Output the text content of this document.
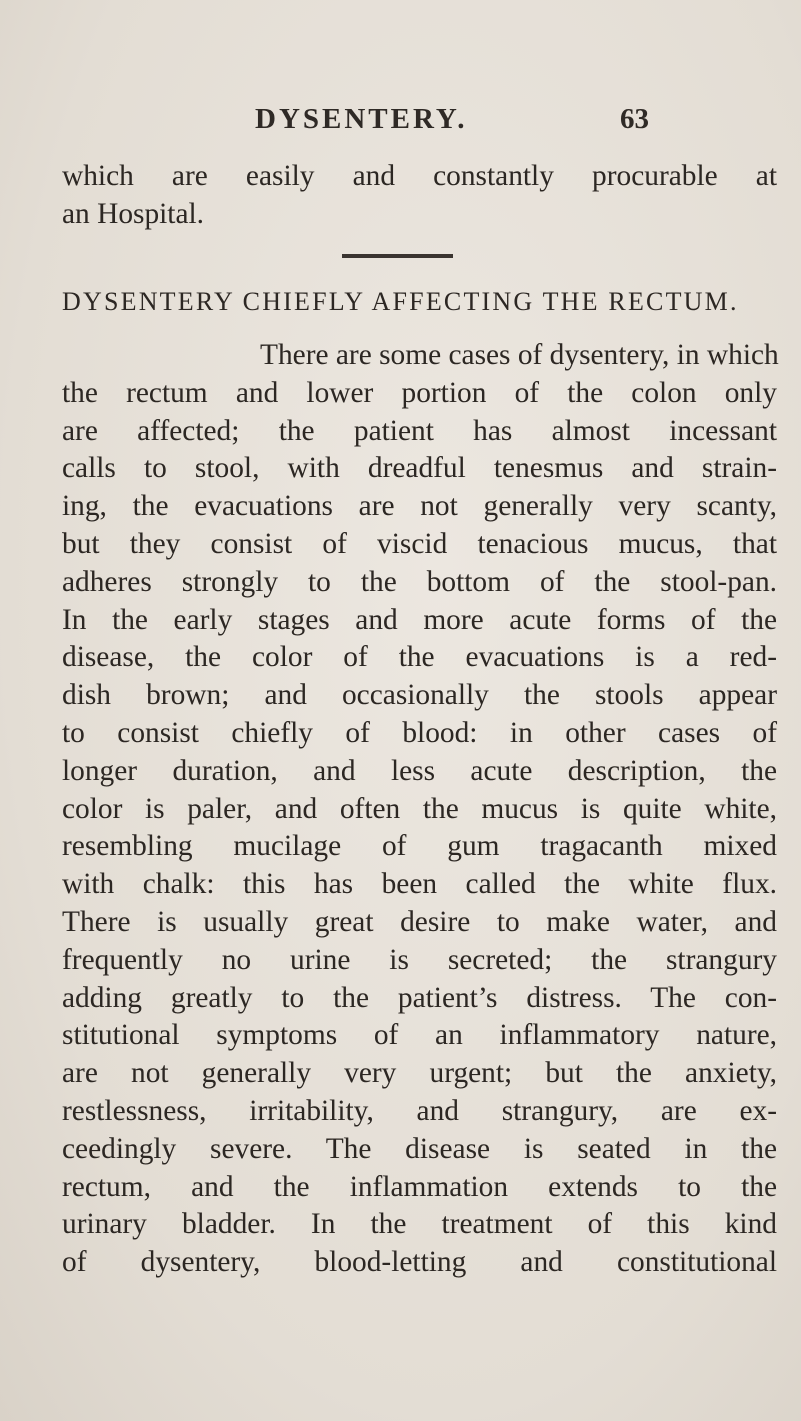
DYSENTERY.	63
which are easily and constantly procurable at
an Hospital.
DYSENTERY CHIEFLY AFFECTING THE RECTUM.
There are some cases of dysentery, in which
the rectum and lower portion of the colon only
are affected; the patient has almost incessant
calls to stool, with dreadful tenesmus and strain-
ing, the evacuations are not generally very scanty,
but they consist of viscid tenacious mucus, that
adheres strongly to the bottom of the stool-pan.
In the early stages and more acute forms of the
disease, the color of the evacuations is a red-
dish brown; and occasionally the stools appear
to consist chiefly of blood: in other cases of
longer duration, and less acute description, the
color is paler, and often the mucus is quite white,
resembling mucilage of gum tragacanth mixed
with chalk: this has been called the white flux.
There is usually great desire to make water, and
frequently no urine is secreted; the strangury
adding greatly to the patient’s distress. The con-
stitutional symptoms of an inflammatory nature,
are not generally very urgent; but the anxiety,
restlessness, irritability, and strangury, are ex-
ceedingly severe. The disease is seated in the
rectum, and the inflammation extends to the
urinary bladder. In the treatment of this kind
of dysentery, blood-letting and constitutional
